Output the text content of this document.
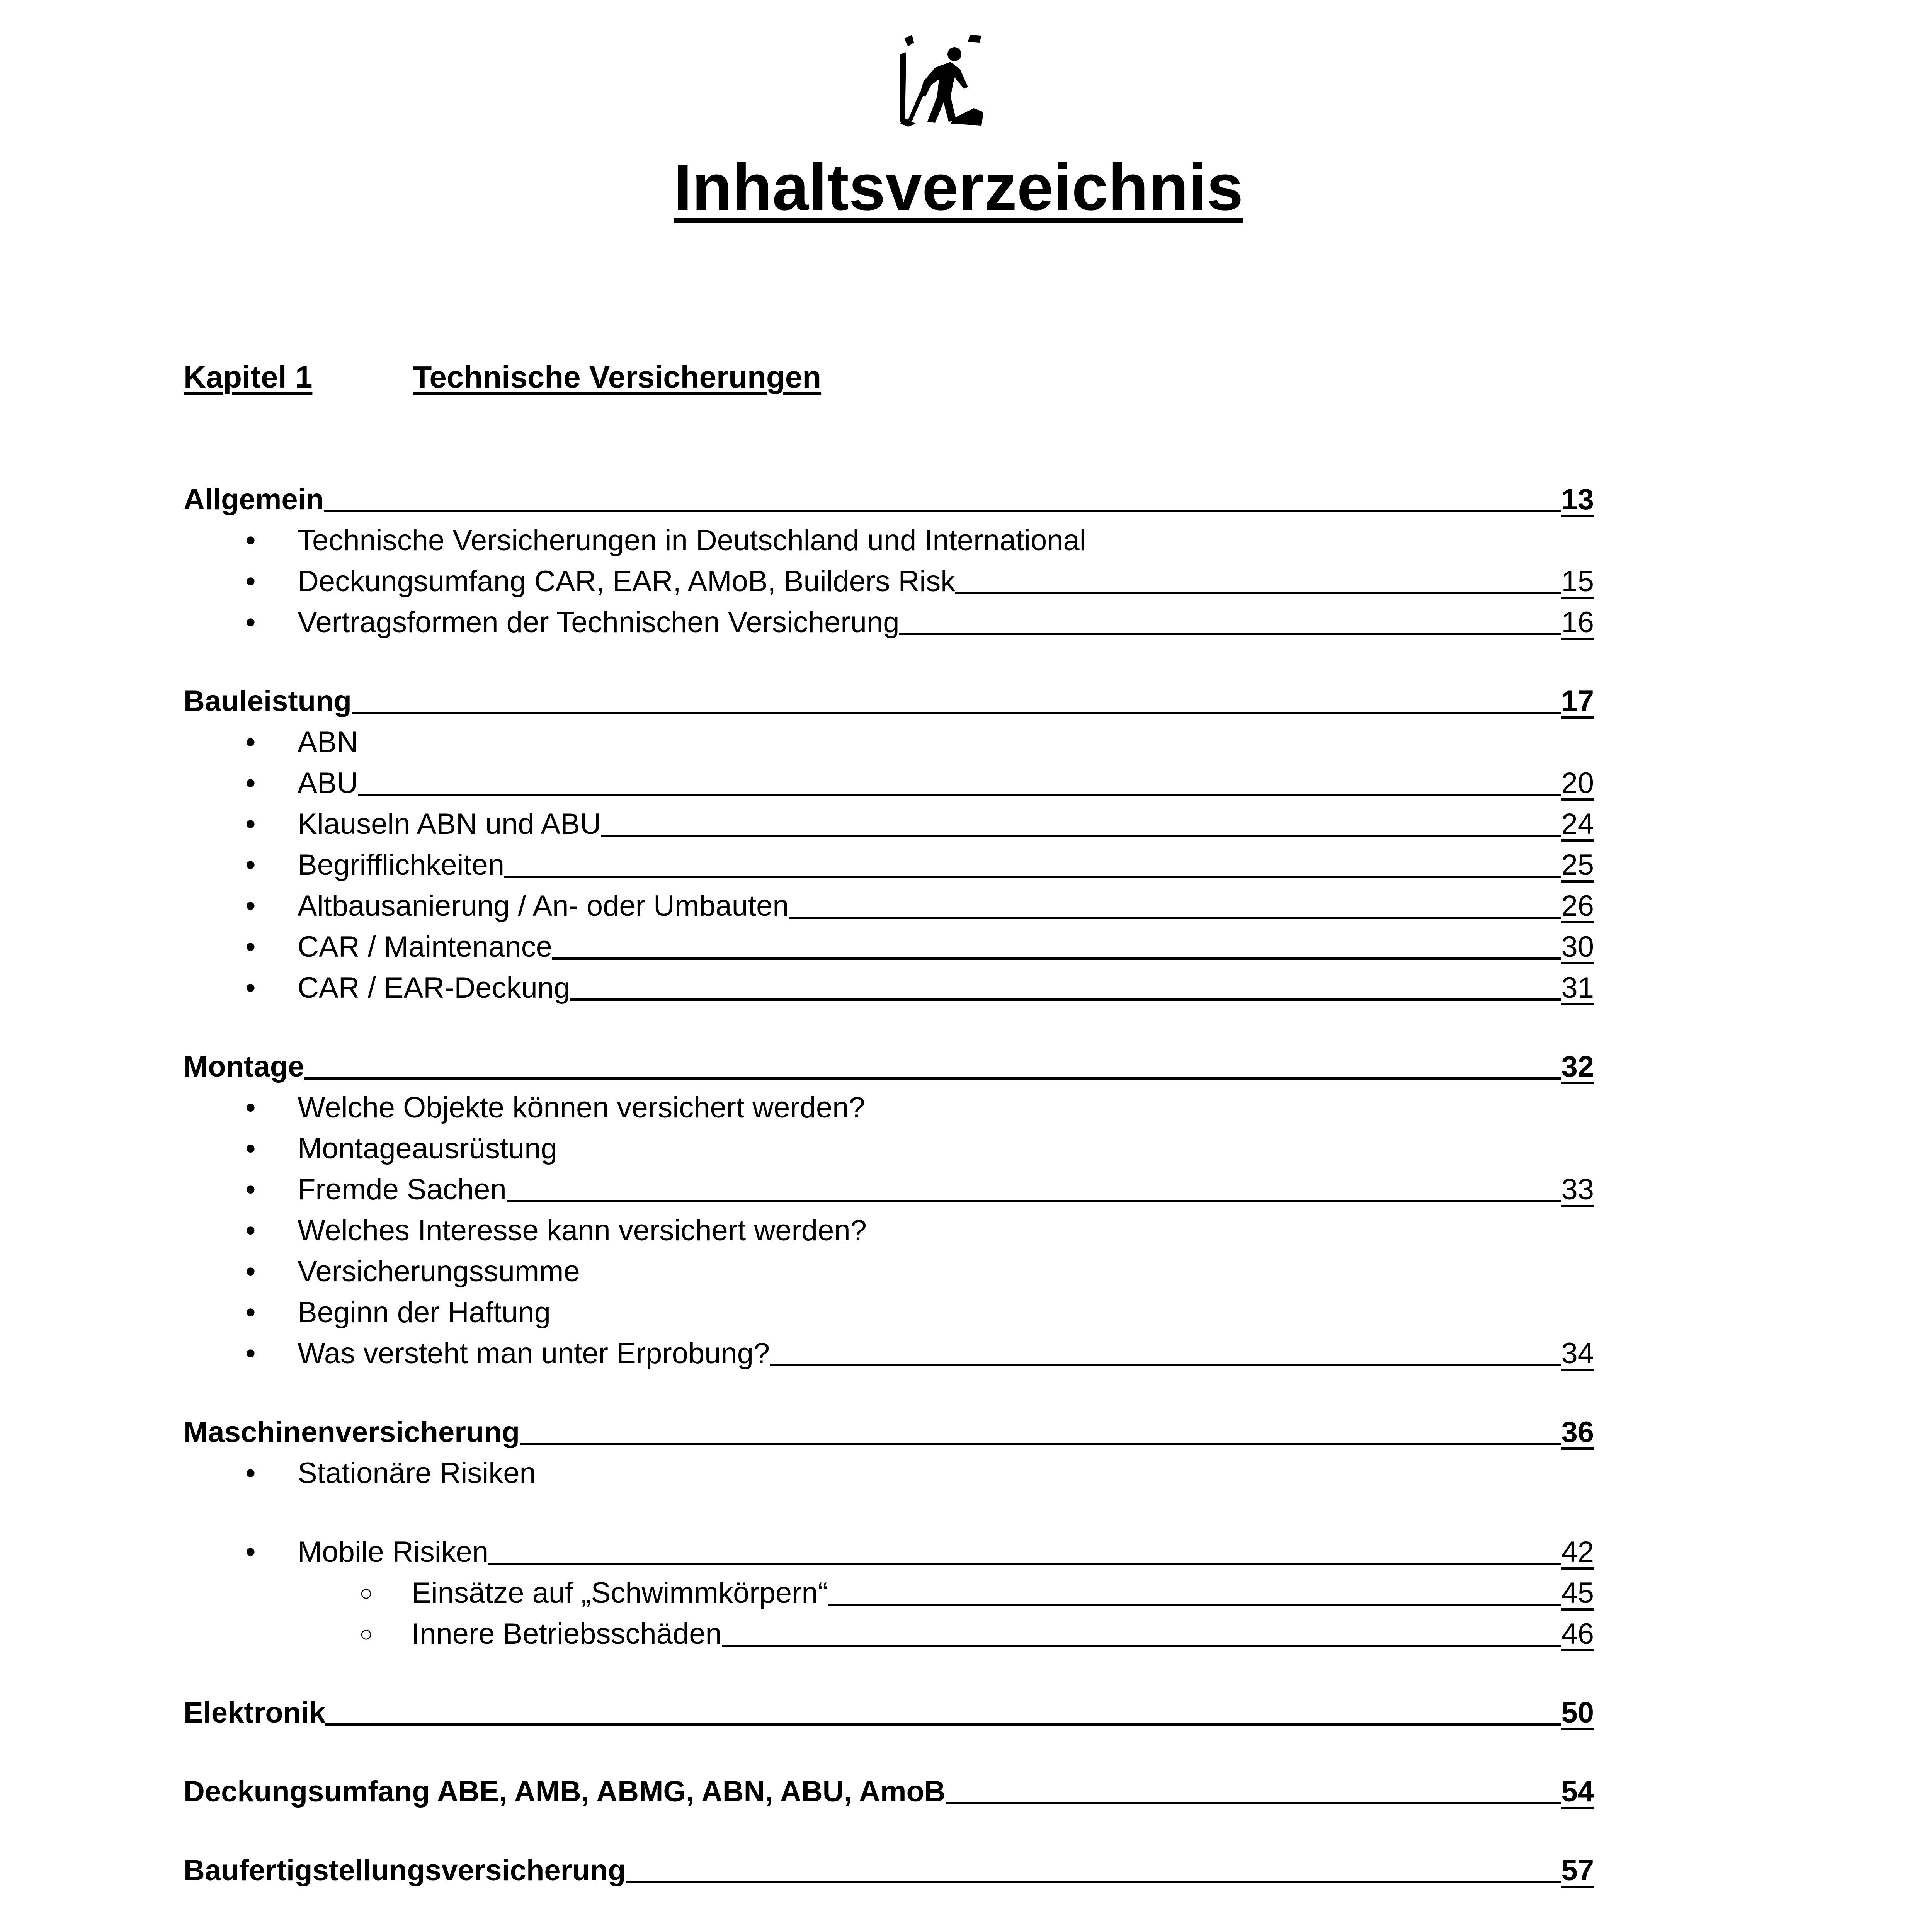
Inhaltsverzeichnis
Kapitel 1	Technische Versicherungen
Allgemein	13
• Technische Versicherungen in Deutschland und International
• Deckungsumfang CAR, EAR, AMoB, Builders Risk	15
• Vertragsformen der Technischen Versicherung	16
Bauleistung	17
• ABN
• ABU	20
• Klauseln ABN und ABU	24
• Begrifflichkeiten	25
• Altbausanierung / An- oder Umbauten	26
• CAR / Maintenance	30
• CAR / EAR-Deckung	31
Montage	32
• Welche Objekte können versichert werden?
• Montageausrüstung
• Fremde Sachen	33
• Welches Interesse kann versichert werden?
• Versicherungssumme
• Beginn der Haftung
• Was versteht man unter Erprobung?	34
Maschinenversicherung	36
• Stationäre Risiken
• Mobile Risiken	42
○ Einsätze auf „Schwimmkörpern“	45
○ Innere Betriebsschäden	46
Elektronik	50
Deckungsumfang ABE, AMB, ABMG, ABN, ABU, AmoB	54
Baufertigstellungsversicherung	57
